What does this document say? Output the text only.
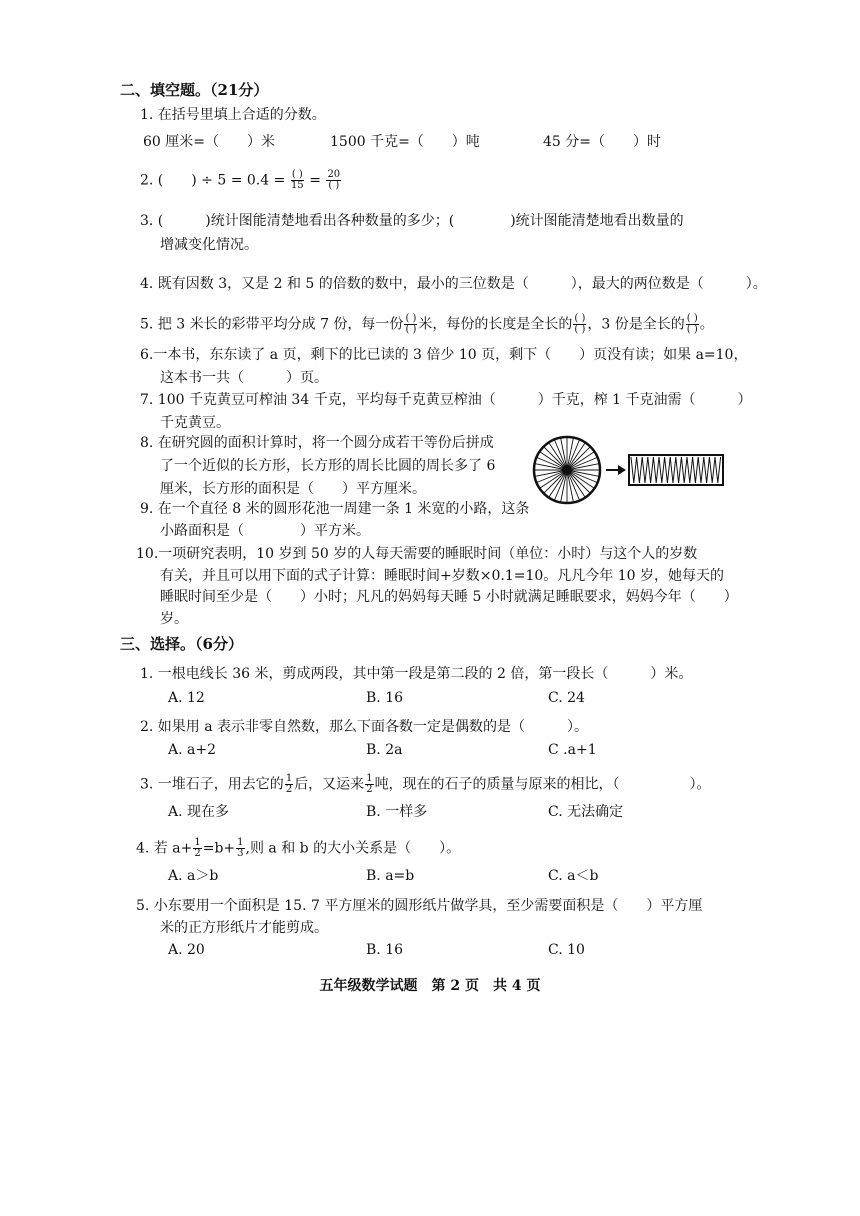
二、填空题。（21分）
1. 在括号里填上合适的分数。
60 厘米=（　　）米	1500 千克=（　　）吨	45 分=（　　）时
2. (　　) ÷ $5 = 0.4 = \frac{( )}{15} = \frac{20}{( )}$
3. (　　　)统计图能清楚地看出各种数量的多少；(　　　　)统计图能清楚地看出数量的
增减变化情况。
4. 既有因数 3，又是 2 和 5 的倍数的数中，最小的三位数是（　　　），最大的两位数是（　　　）。
5. 把 3 米长的彩带平均分成 7 份，每一份 $\frac{( )}{( )}$ 米，每份的长度是全长的 $\frac{( )}{( )}$ ，3 份是全长的 $\frac{( )}{( )}$ 。
6.一本书，东东读了 a 页，剩下的比已读的 3 倍少 10 页，剩下（　　）页没有读；如果 a=10，
这本书一共（　　　）页。
7. 100 千克黄豆可榨油 34 千克，平均每千克黄豆榨油（　　　）千克，榨 1 千克油需（　　　）
千克黄豆。
8. 在研究圆的面积计算时，将一个圆分成若干等份后拼成
了一个近似的长方形，长方形的周长比圆的周长多了 6
厘米，长方形的面积是（　　）平方厘米。
9. 在一个直径 8 米的圆形花池一周建一条 1 米宽的小路，这条
小路面积是（　　　　）平方米。
10.一项研究表明，10 岁到 50 岁的人每天需要的睡眠时间（单位：小时）与这个人的岁数
有关，并且可以用下面的式子计算：睡眠时间+岁数×0.1=10。凡凡今年 10 岁，她每天的
睡眠时间至少是（　　）小时；凡凡的妈妈每天睡 5 小时就满足睡眠要求，妈妈今年（　　）
岁。
三、选择。（6分）
1. 一根电线长 36 米，剪成两段，其中第一段是第二段的 2 倍，第一段长（　　　）米。
A. 12	B. 16	C. 24
2. 如果用 a 表示非零自然数，那么下面各数一定是偶数的是（　　　）。
A. a+2	B. 2a	C .a+1
3. 一堆石子，用去它的 $\frac{1}{2}$ 后，又运来 $\frac{1}{2}$ 吨，现在的石子的质量与原来的相比，（　　　　　）。
A. 现在多	B. 一样多	C. 无法确定
4. 若 $a+ \frac{1}{2} =b+ \frac{1}{3}$ ,则 a 和 b 的大小关系是（　　）。
A. a＞b	B. a=b	C. a＜b
5. 小东要用一个面积是 15. 7 平方厘米的圆形纸片做学具，至少需要面积是（　　）平方厘
米的正方形纸片才能剪成。
A. 20	B. 16	C. 10
五年级数学试题　第 2 页　共 4 页
